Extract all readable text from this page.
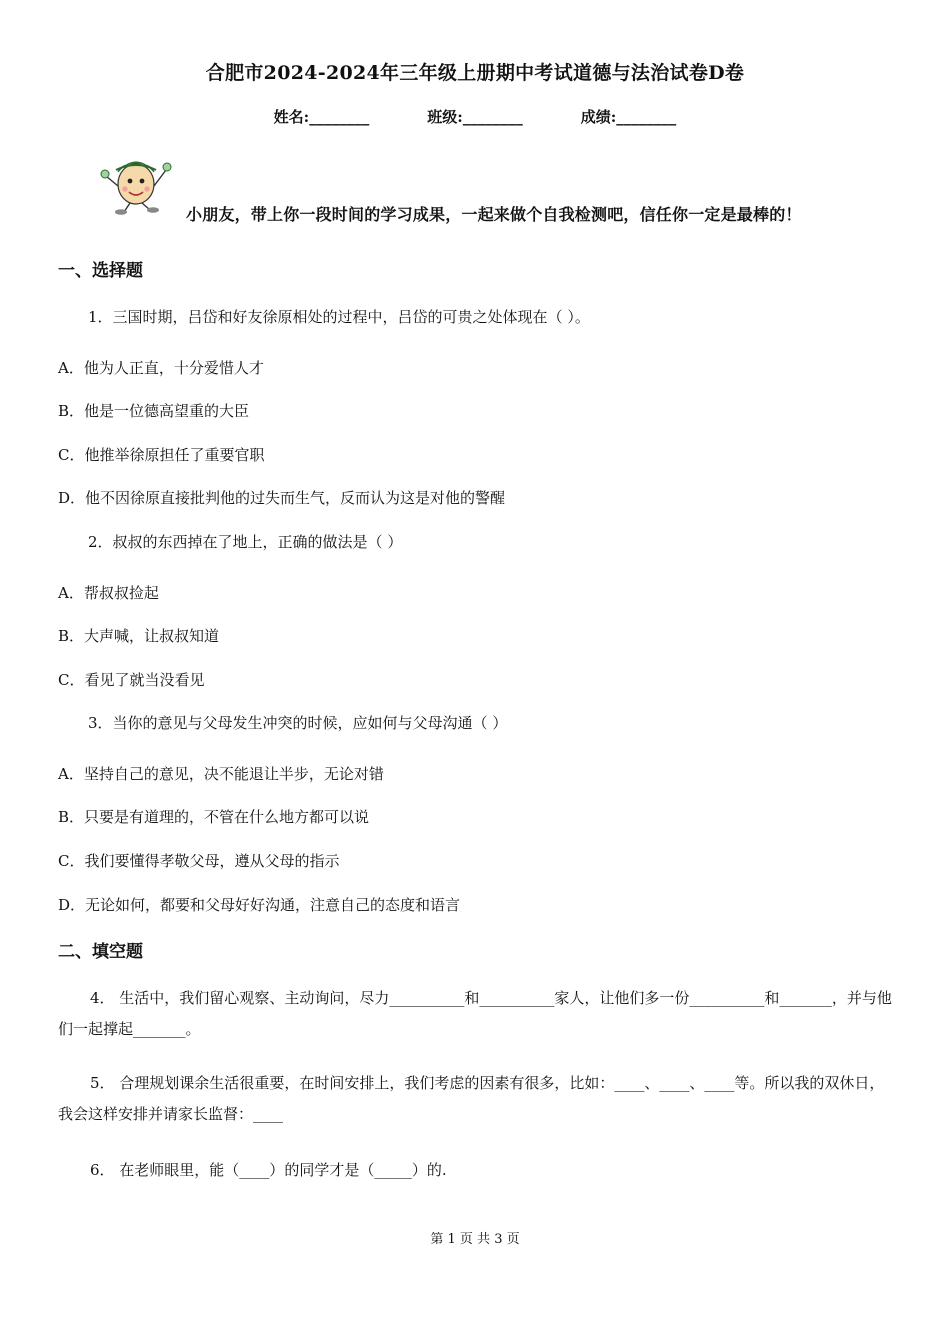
合肥市2024-2024年三年级上册期中考试道德与法治试卷D卷
姓名:________	班级:________	成绩:________
小朋友，带上你一段时间的学习成果，一起来做个自我检测吧，信任你一定是最棒的！
一、选择题
1．三国时期，吕岱和好友徐原相处的过程中，吕岱的可贵之处体现在（ ）。
A．他为人正直，十分爱惜人才
B．他是一位德高望重的大臣
C．他推举徐原担任了重要官职
D．他不因徐原直接批判他的过失而生气，反而认为这是对他的警醒
2．叔叔的东西掉在了地上，正确的做法是（ ）
A．帮叔叔捡起
B．大声喊，让叔叔知道
C．看见了就当没看见
3．当你的意见与父母发生冲突的时候，应如何与父母沟通（ ）
A．坚持自己的意见，决不能退让半步，无论对错
B．只要是有道理的，不管在什么地方都可以说
C．我们要懂得孝敬父母，遵从父母的指示
D．无论如何，都要和父母好好沟通，注意自己的态度和语言
二、填空题
4． 生活中，我们留心观察、主动询问，尽力__________和__________家人，让他们多一份__________和_______，并与他们一起撑起_______。
5． 合理规划课余生活很重要，在时间安排上，我们考虑的因素有很多，比如：____、____、____等。所以我的双休日，我会这样安排并请家长监督：____
6． 在老师眼里，能（____）的同学才是（_____）的.
第 1 页 共 3 页
